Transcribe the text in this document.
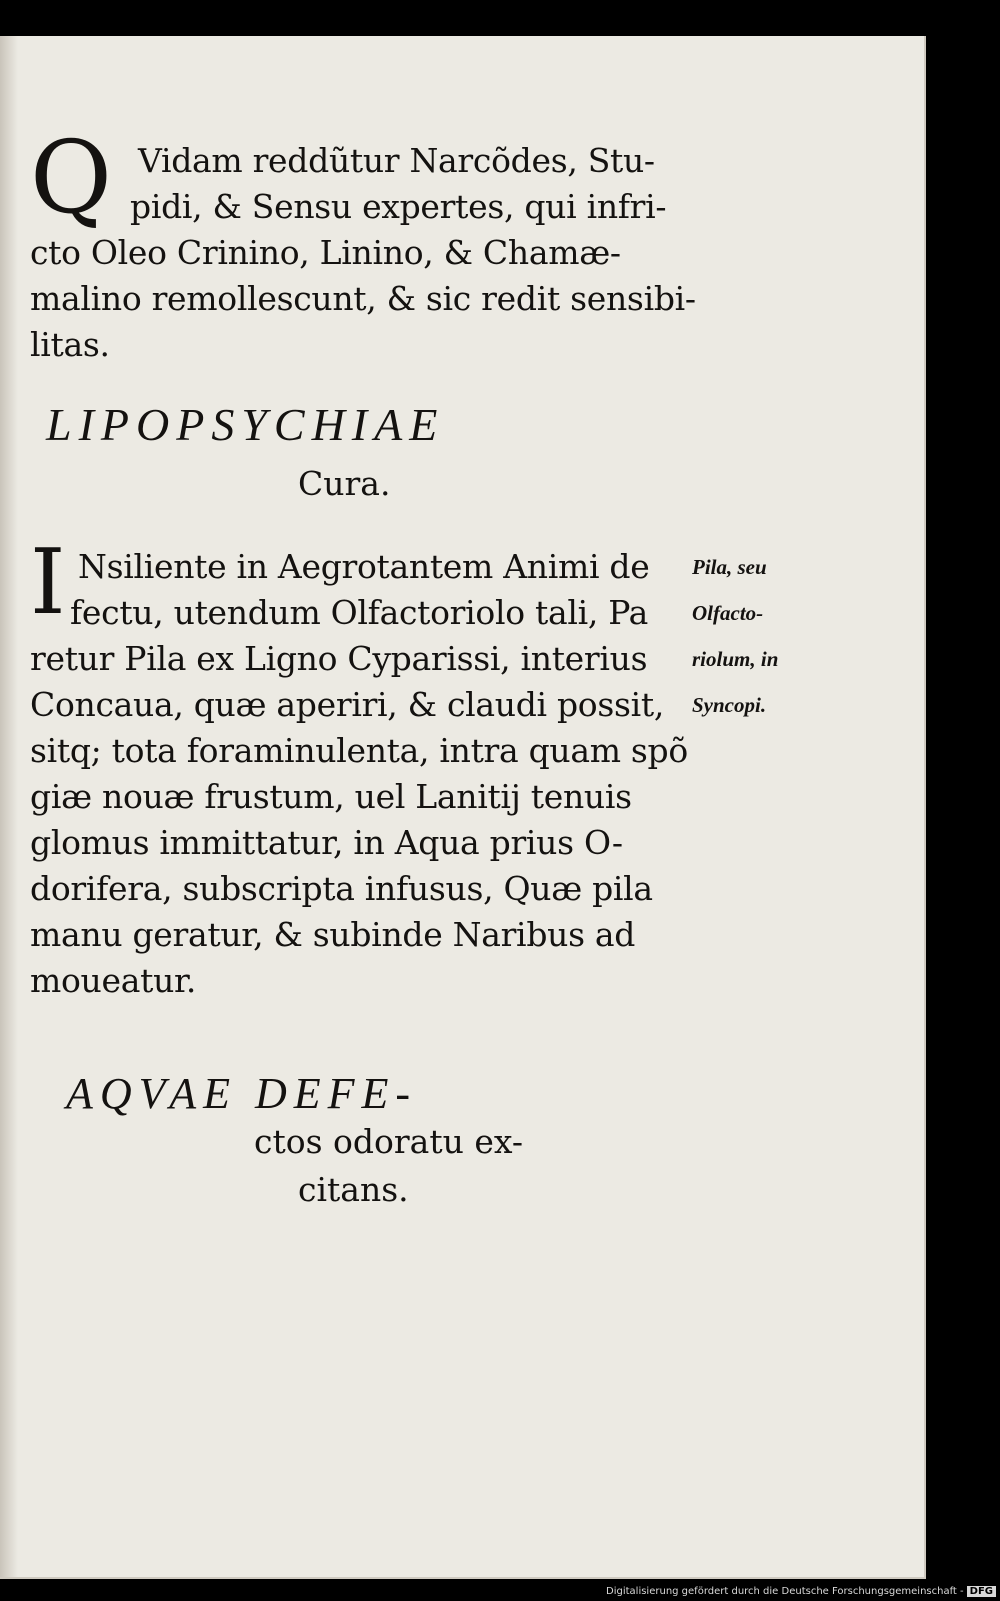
Q Vidam reddũtur Narcõdes, Stu-
pidi, & Sensu expertes, qui infri-
cto Oleo Crinino, Linino, & Chamæ-
malino remollescunt, & sic redit sensibi-
litas.
LIPOPSYCHIAE
Cura.
I Nsiliente in Aegrotantem Animi de
fectu, utendum Olfactoriolo tali, Pa
retur Pila ex Ligno Cyparissi, interius
Concaua, quæ aperiri, & claudi possit,
sitq; tota foraminulenta, intra quam spõ
giæ nouæ frustum, uel Lanitij tenuis
glomus immittatur, in Aqua prius O-
dorifera, subscripta infusus, Quæ pila
manu geratur, & subinde Naribus ad
moueatur.
Pila, seu
Olfacto-
riolum, in
Syncopi.
AQVAE DEFE-
ctos odoratu ex-
citans.
Digitalisierung gefördert durch die Deutsche Forschungsgemeinschaft - DFG
